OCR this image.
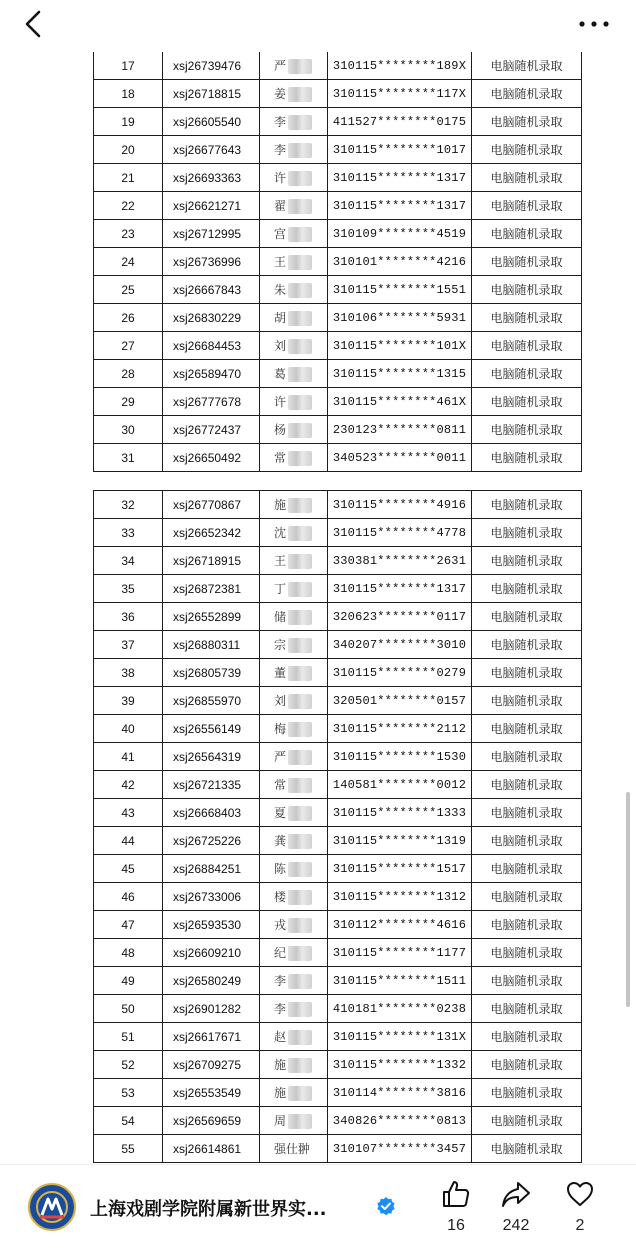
17	xsj26739476	严	310115********189X	电脑随机录取
18	xsj26718815	姜	310115********117X	电脑随机录取
19	xsj26605540	李	411527********0175	电脑随机录取
20	xsj26677643	李	310115********1017	电脑随机录取
21	xsj26693363	许	310115********1317	电脑随机录取
22	xsj26621271	翟	310115********1317	电脑随机录取
23	xsj26712995	宫	310109********4519	电脑随机录取
24	xsj26736996	王	310101********4216	电脑随机录取
25	xsj26667843	朱	310115********1551	电脑随机录取
26	xsj26830229	胡	310106********5931	电脑随机录取
27	xsj26684453	刘	310115********101X	电脑随机录取
28	xsj26589470	葛	310115********1315	电脑随机录取
29	xsj26777678	许	310115********461X	电脑随机录取
30	xsj26772437	杨	230123********0811	电脑随机录取
31	xsj26650492	常	340523********0011	电脑随机录取
32	xsj26770867	施	310115********4916	电脑随机录取
33	xsj26652342	沈	310115********4778	电脑随机录取
34	xsj26718915	王	330381********2631	电脑随机录取
35	xsj26872381	丁	310115********1317	电脑随机录取
36	xsj26552899	储	320623********0117	电脑随机录取
37	xsj26880311	宗	340207********3010	电脑随机录取
38	xsj26805739	董	310115********0279	电脑随机录取
39	xsj26855970	刘	320501********0157	电脑随机录取
40	xsj26556149	梅	310115********2112	电脑随机录取
41	xsj26564319	严	310115********1530	电脑随机录取
42	xsj26721335	常	140581********0012	电脑随机录取
43	xsj26668403	夏	310115********1333	电脑随机录取
44	xsj26725226	龚	310115********1319	电脑随机录取
45	xsj26884251	陈	310115********1517	电脑随机录取
46	xsj26733006	楼	310115********1312	电脑随机录取
47	xsj26593530	戎	310112********4616	电脑随机录取
48	xsj26609210	纪	310115********1177	电脑随机录取
49	xsj26580249	李	310115********1511	电脑随机录取
50	xsj26901282	李	410181********0238	电脑随机录取
51	xsj26617671	赵	310115********131X	电脑随机录取
52	xsj26709275	施	310115********1332	电脑随机录取
53	xsj26553549	施	310114********3816	电脑随机录取
54	xsj26569659	周	340826********0813	电脑随机录取
55	xsj26614861	强仕翀	310107********3457	电脑随机录取
上海戏剧学院附属新世界实...
16	242	2
